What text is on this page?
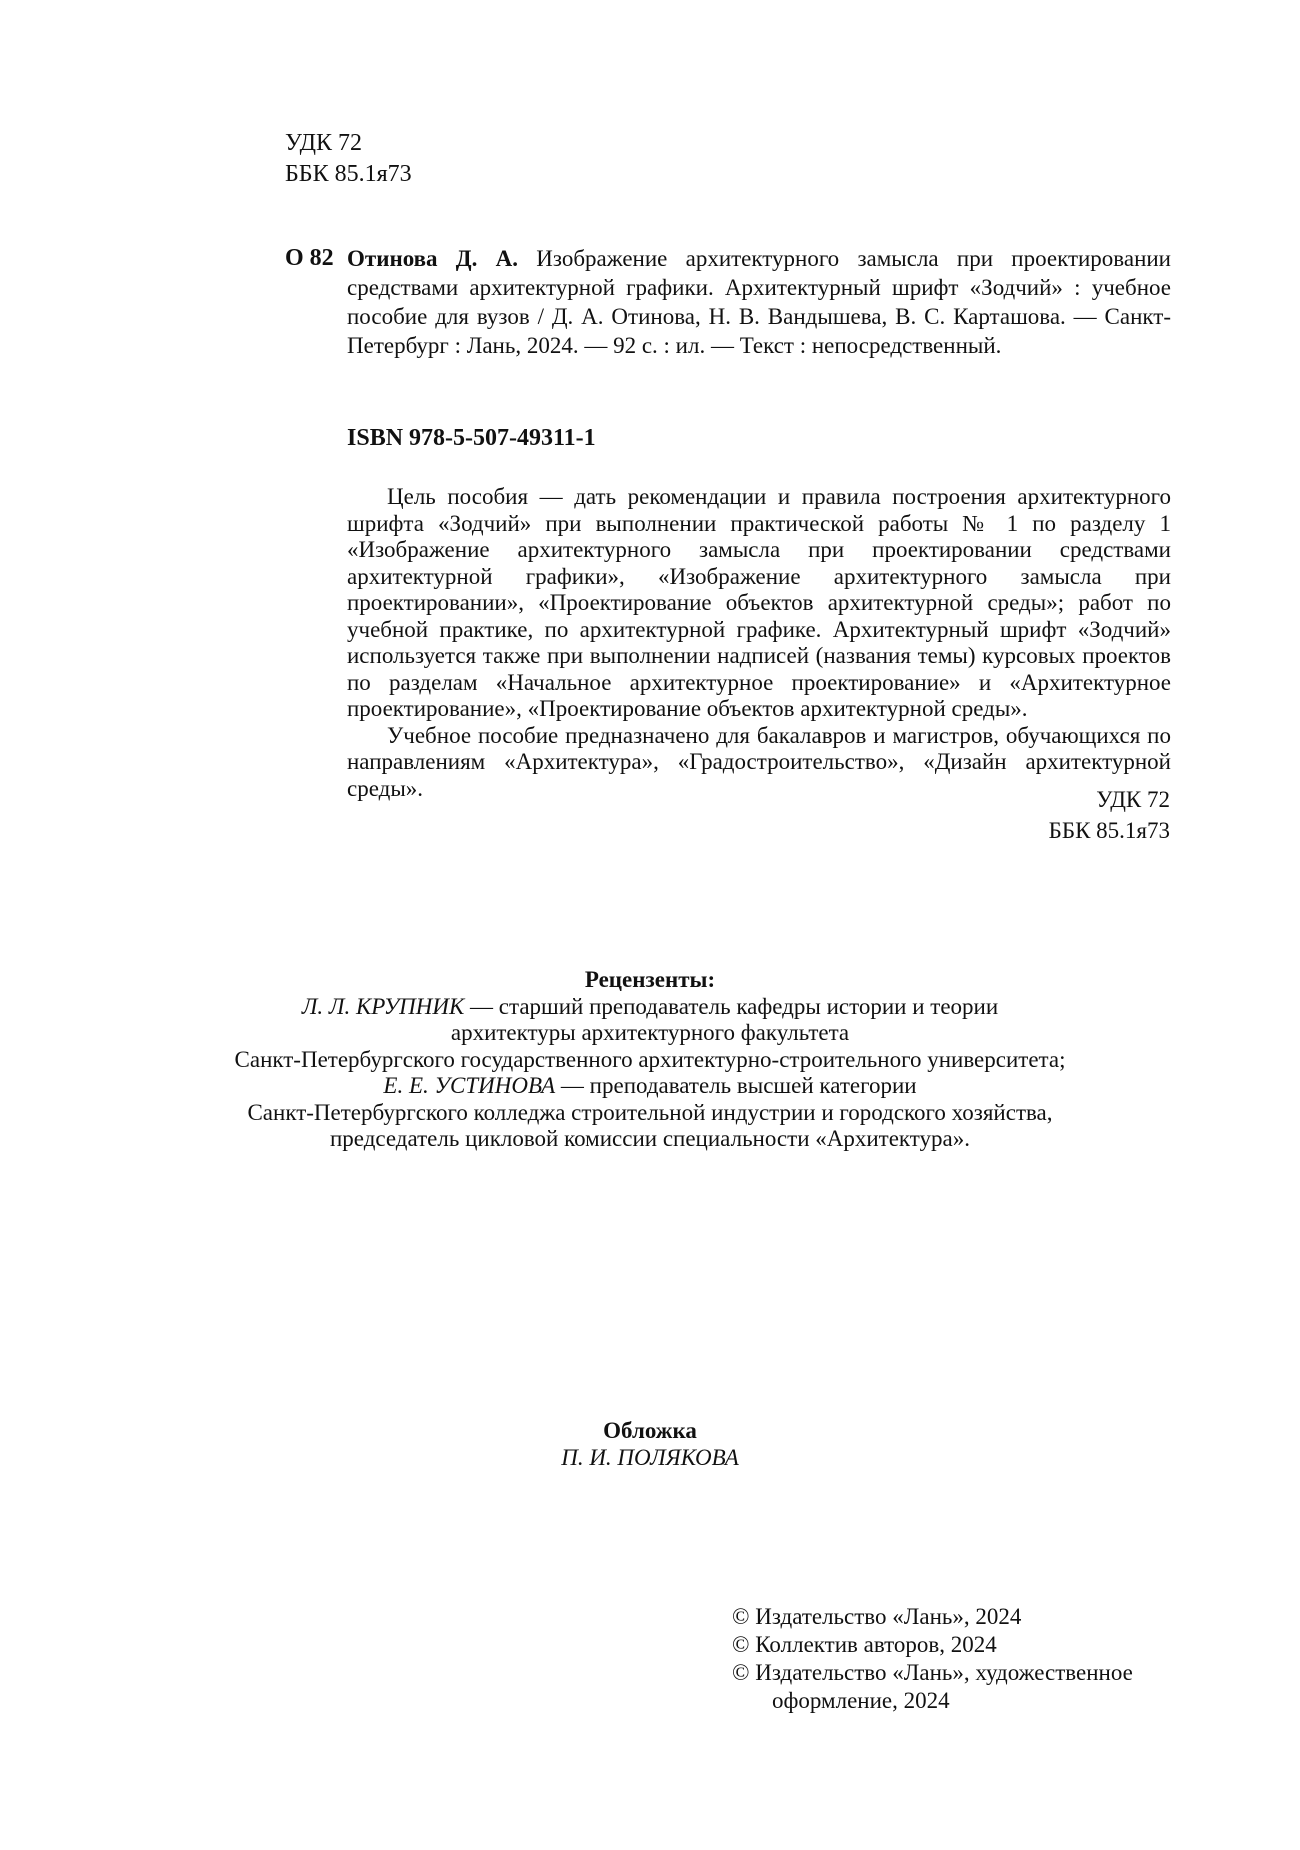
УДК 72
ББК 85.1я73
О 82 Отинова Д. А. Изображение архитектурного замысла при проектировании средствами архитектурной графики. Архитектурный шрифт «Зодчий» : учебное пособие для вузов / Д. А. Отинова, Н. В. Вандышева, В. С. Карташова. — Санкт-Петербург : Лань, 2024. — 92 с. : ил. — Текст : непосредственный.

ISBN 978-5-507-49311-1

Цель пособия — дать рекомендации и правила построения архитектурного шрифта «Зодчий» при выполнении практической работы № 1 по разделу 1 «Изображение архитектурного замысла при проектировании средствами архитектурной графики», «Изображение архитектурного замысла при проектировании», «Проектирование объектов архитектурной среды»; работ по учебной практике, по архитектурной графике. Архитектурный шрифт «Зодчий» используется также при выполнении надписей (названия темы) курсовых проектов по разделам «Начальное архитектурное проектирование» и «Архитектурное проектирование», «Проектирование объектов архитектурной среды».

Учебное пособие предназначено для бакалавров и магистров, обучающихся по направлениям «Архитектура», «Градостроительство», «Дизайн архитектурной среды».	УДК 72
ББК 85.1я73
Рецензенты:
Л. Л. КРУПНИК — старший преподаватель кафедры истории и теории
архитектуры архитектурного факультета
Санкт-Петербургского государственного архитектурно-строительного университета;
Е. Е. УСТИНОВА — преподаватель высшей категории
Санкт-Петербургского колледжа строительной индустрии и городского хозяйства,
председатель цикловой комиссии специальности «Архитектура».
Обложка
П. И. ПОЛЯКОВА
© Издательство «Лань», 2024
© Коллектив авторов, 2024
© Издательство «Лань», художественное
оформление, 2024
